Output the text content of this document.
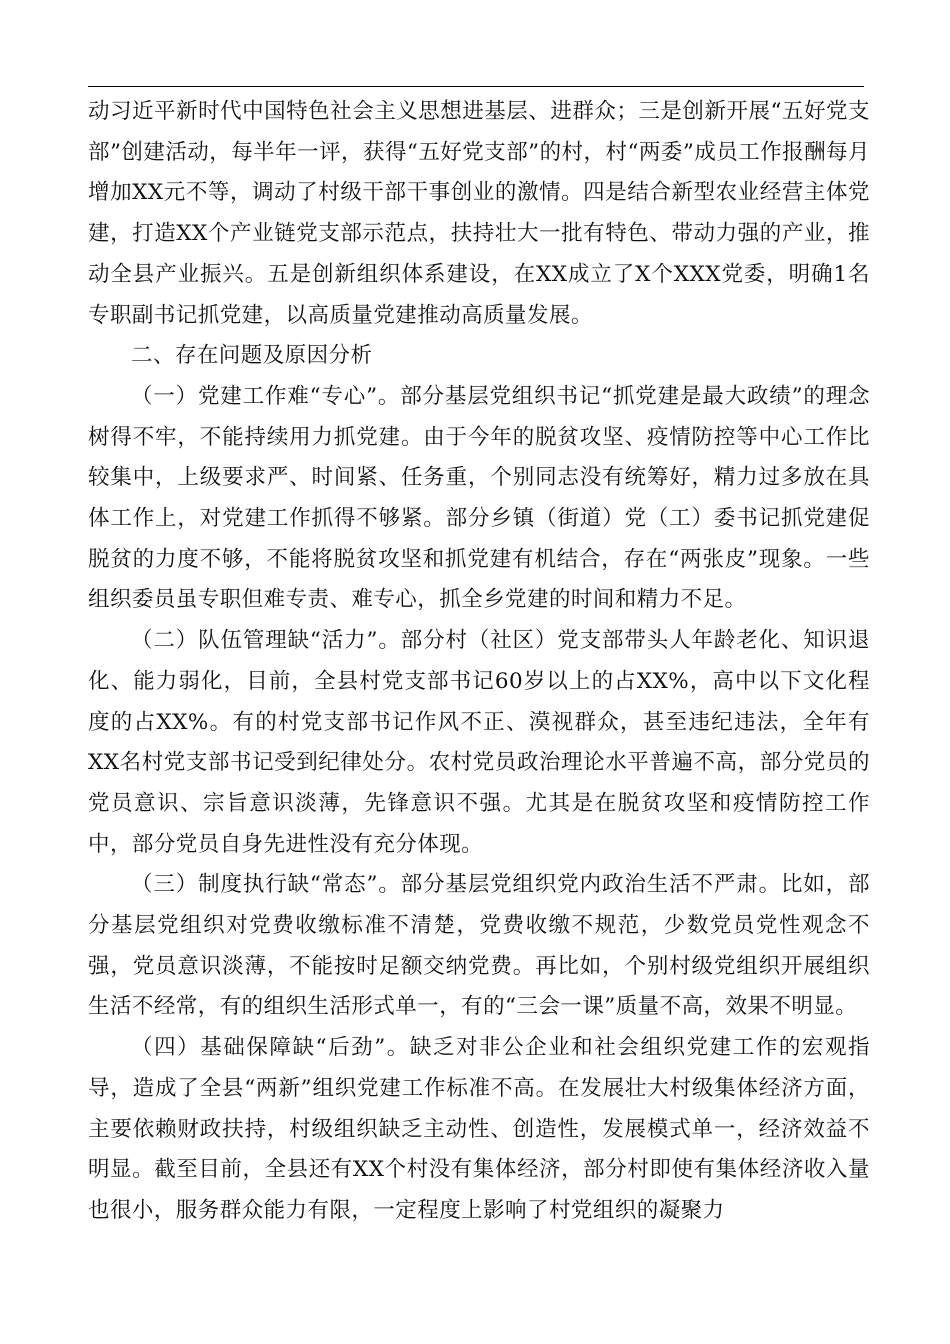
动习近平新时代中国特色社会主义思想进基层、进群众；三是创新开展“五好党支部”创建活动，每半年一评，获得“五好党支部”的村，村“两委”成员工作报酬每月增加XX元不等，调动了村级干部干事创业的激情。四是结合新型农业经营主体党建，打造XX个产业链党支部示范点，扶持壮大一批有特色、带动力强的产业，推动全县产业振兴。五是创新组织体系建设，在XX成立了X个XXX党委，明确1名专职副书记抓党建，以高质量党建推动高质量发展。

二、存在问题及原因分析

（一）党建工作难“专心”。部分基层党组织书记“抓党建是最大政绩”的理念树得不牢，不能持续用力抓党建。由于今年的脱贫攻坚、疫情防控等中心工作比较集中，上级要求严、时间紧、任务重，个别同志没有统筹好，精力过多放在具体工作上，对党建工作抓得不够紧。部分乡镇（街道）党（工）委书记抓党建促脱贫的力度不够，不能将脱贫攻坚和抓党建有机结合，存在“两张皮”现象。一些组织委员虽专职但难专责、难专心，抓全乡党建的时间和精力不足。

（二）队伍管理缺“活力”。部分村（社区）党支部带头人年龄老化、知识退化、能力弱化，目前，全县村党支部书记60岁以上的占XX%，高中以下文化程度的占XX%。有的村党支部书记作风不正、漠视群众，甚至违纪违法，全年有XX名村党支部书记受到纪律处分。农村党员政治理论水平普遍不高，部分党员的党员意识、宗旨意识淡薄，先锋意识不强。尤其是在脱贫攻坚和疫情防控工作中，部分党员自身先进性没有充分体现。

（三）制度执行缺“常态”。部分基层党组织党内政治生活不严肃。比如，部分基层党组织对党费收缴标准不清楚，党费收缴不规范，少数党员党性观念不强，党员意识淡薄，不能按时足额交纳党费。再比如，个别村级党组织开展组织生活不经常，有的组织生活形式单一，有的“三会一课”质量不高，效果不明显。

（四）基础保障缺“后劲”。缺乏对非公企业和社会组织党建工作的宏观指导，造成了全县“两新”组织党建工作标准不高。在发展壮大村级集体经济方面，主要依赖财政扶持，村级组织缺乏主动性、创造性，发展模式单一，经济效益不明显。截至目前，全县还有XX个村没有集体经济，部分村即使有集体经济收入量也很小，服务群众能力有限，一定程度上影响了村党组织的凝聚力
